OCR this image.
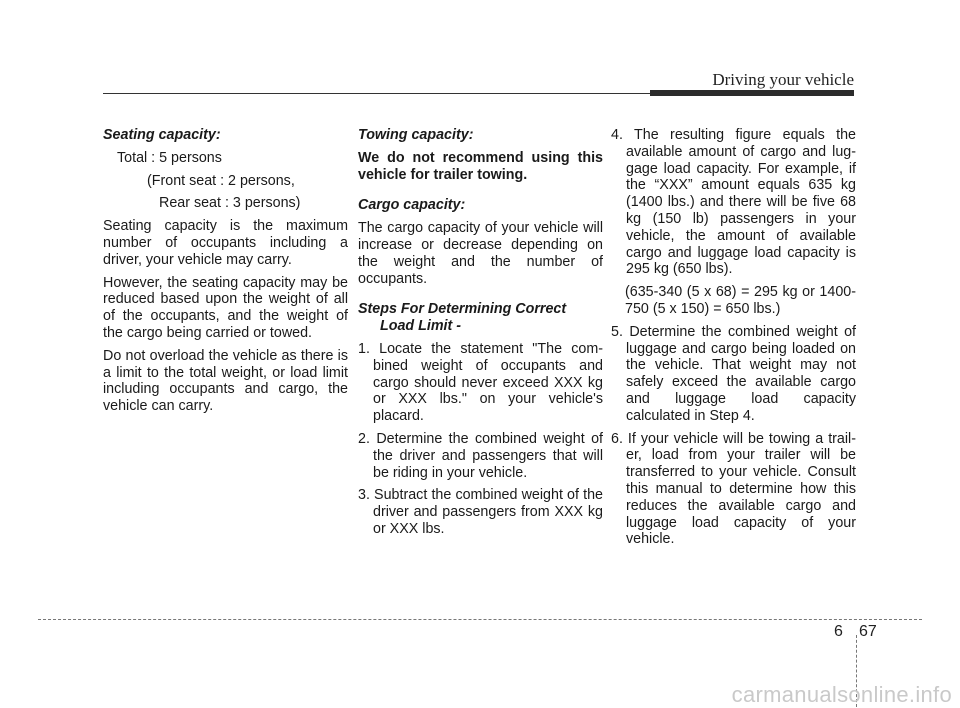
Driving your vehicle
Seating capacity:

Total : 5 persons

(Front seat : 2 persons,

Rear seat : 3 persons)

Seating capacity is the maximum number of occupants including a driver, your vehicle may carry.

However, the seating capacity may be reduced based upon the weight of all of the occupants, and the weight of the cargo being carried or towed.

Do not overload the vehicle as there is a limit to the total weight, or load limit including occupants and cargo, the vehicle can carry.

Towing capacity:

We do not recommend using this vehicle for trailer towing.

Cargo capacity:

The cargo capacity of your vehicle will increase or decrease depending on the weight and the number of occupants.

Steps For Determining Correct Load Limit -

1. Locate the statement "The com-bined weight of occupants and cargo should never exceed XXX kg or XXX lbs." on your vehicle's placard.

2. Determine the combined weight of the driver and passengers that will be riding in your vehicle.

3. Subtract the combined weight of the driver and passengers from XXX kg or XXX lbs.

4. The resulting figure equals the available amount of cargo and lug-gage load capacity. For example, if the “XXX” amount equals 635 kg (1400 lbs.) and there will be five 68 kg (150 lb) passengers in your vehicle, the amount of available cargo and luggage load capacity is 295 kg (650 lbs).

(635-340 (5 x 68) = 295 kg or 1400-750 (5 x 150) = 650 lbs.)

5. Determine the combined weight of luggage and cargo being loaded on the vehicle. That weight may not safely exceed the available cargo and luggage load capacity calculated in Step 4.

6. If your vehicle will be towing a trail-er, load from your trailer will be transferred to your vehicle. Consult this manual to determine how this reduces the available cargo and luggage load capacity of your vehicle.

6 67
carmanualsonline.info
